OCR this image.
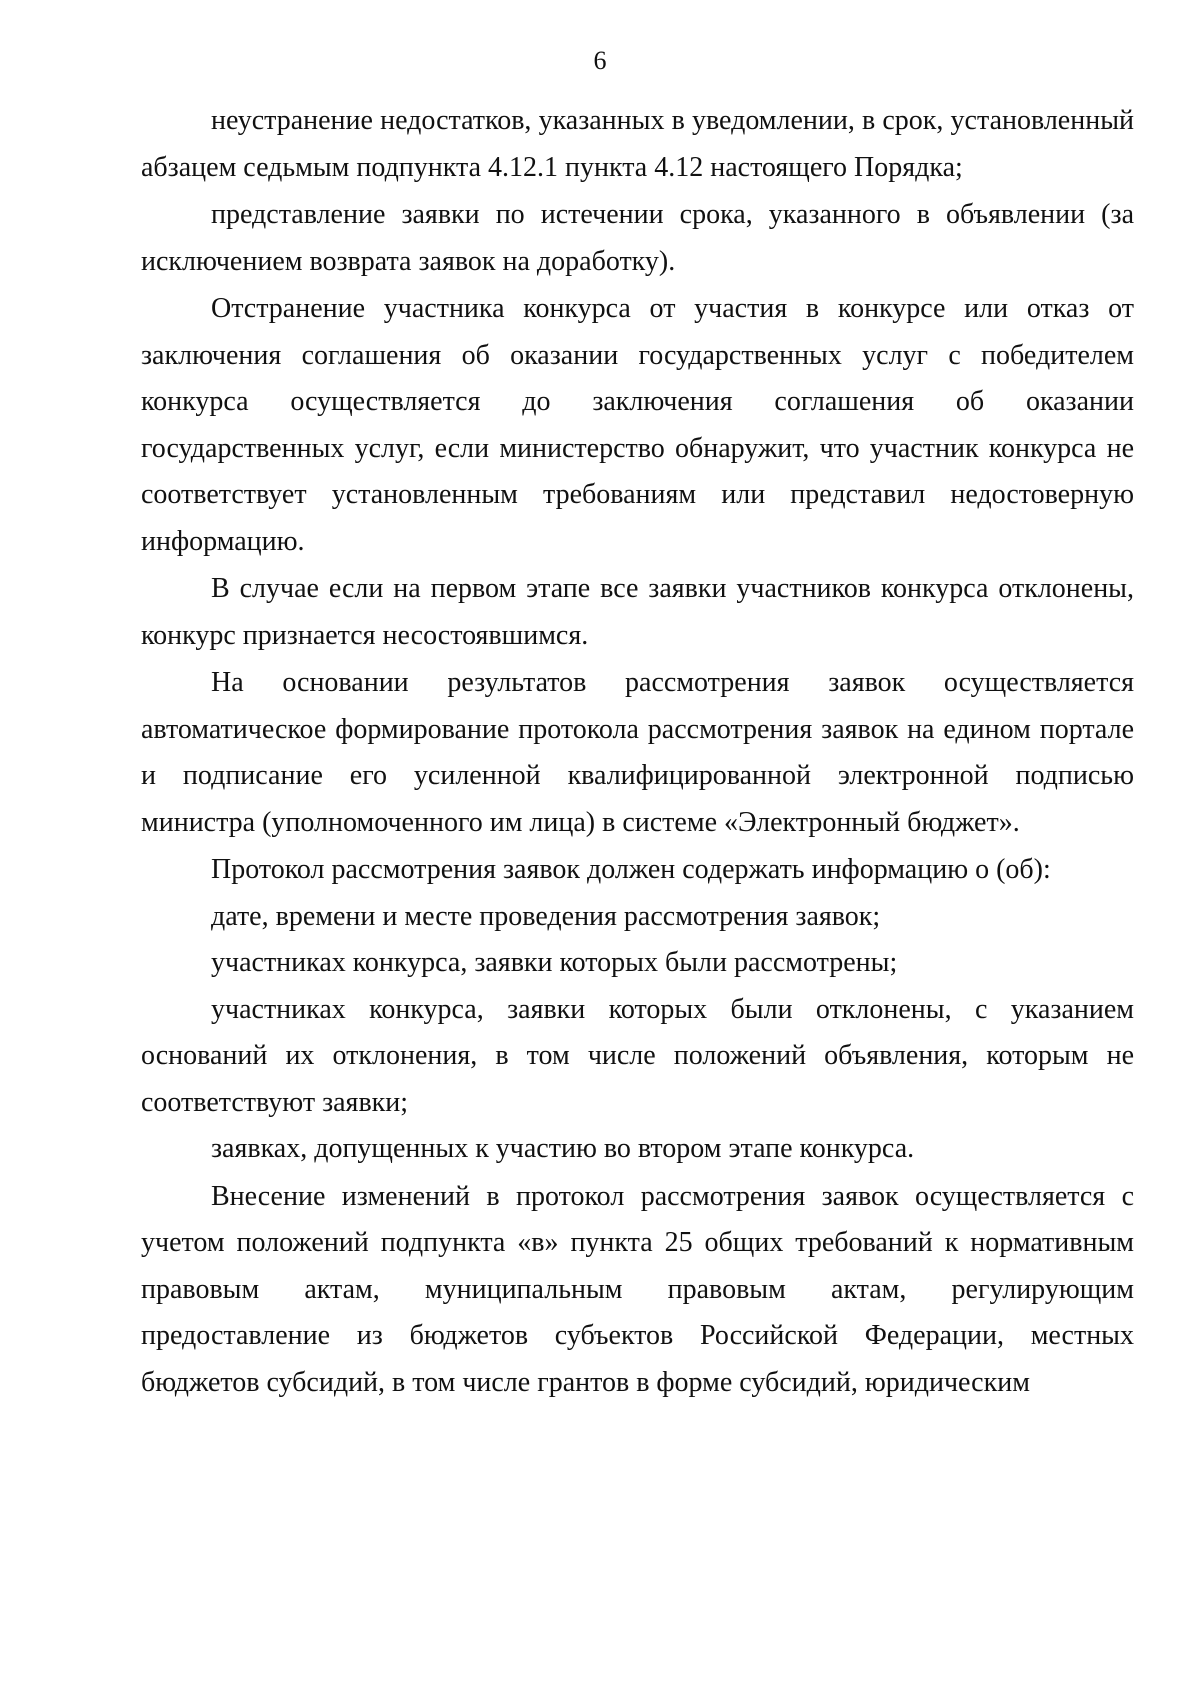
6

неустранение недостатков, указанных в уведомлении, в срок, установленный абзацем седьмым подпункта 4.12.1 пункта 4.12 настоящего Порядка;

представление заявки по истечении срока, указанного в объявлении (за исключением возврата заявок на доработку).

Отстранение участника конкурса от участия в конкурсе или отказ от заключения соглашения об оказании государственных услуг с победителем конкурса осуществляется до заключения соглашения об оказании государственных услуг, если министерство обнаружит, что участник конкурса не соответствует установленным требованиям или представил недостоверную информацию.

В случае если на первом этапе все заявки участников конкурса отклонены, конкурс признается несостоявшимся.

На основании результатов рассмотрения заявок осуществляется автоматическое формирование протокола рассмотрения заявок на едином портале и подписание его усиленной квалифицированной электронной подписью министра (уполномоченного им лица) в системе «Электронный бюджет».

Протокол рассмотрения заявок должен содержать информацию о (об):

дате, времени и месте проведения рассмотрения заявок;

участниках конкурса, заявки которых были рассмотрены;

участниках конкурса, заявки которых были отклонены, с указанием оснований их отклонения, в том числе положений объявления, которым не соответствуют заявки;

заявках, допущенных к участию во втором этапе конкурса.

Внесение изменений в протокол рассмотрения заявок осуществляется с учетом положений подпункта «в» пункта 25 общих требований к нормативным правовым актам, муниципальным правовым актам, регулирующим предоставление из бюджетов субъектов Российской Федерации, местных бюджетов субсидий, в том числе грантов в форме субсидий, юридическим
